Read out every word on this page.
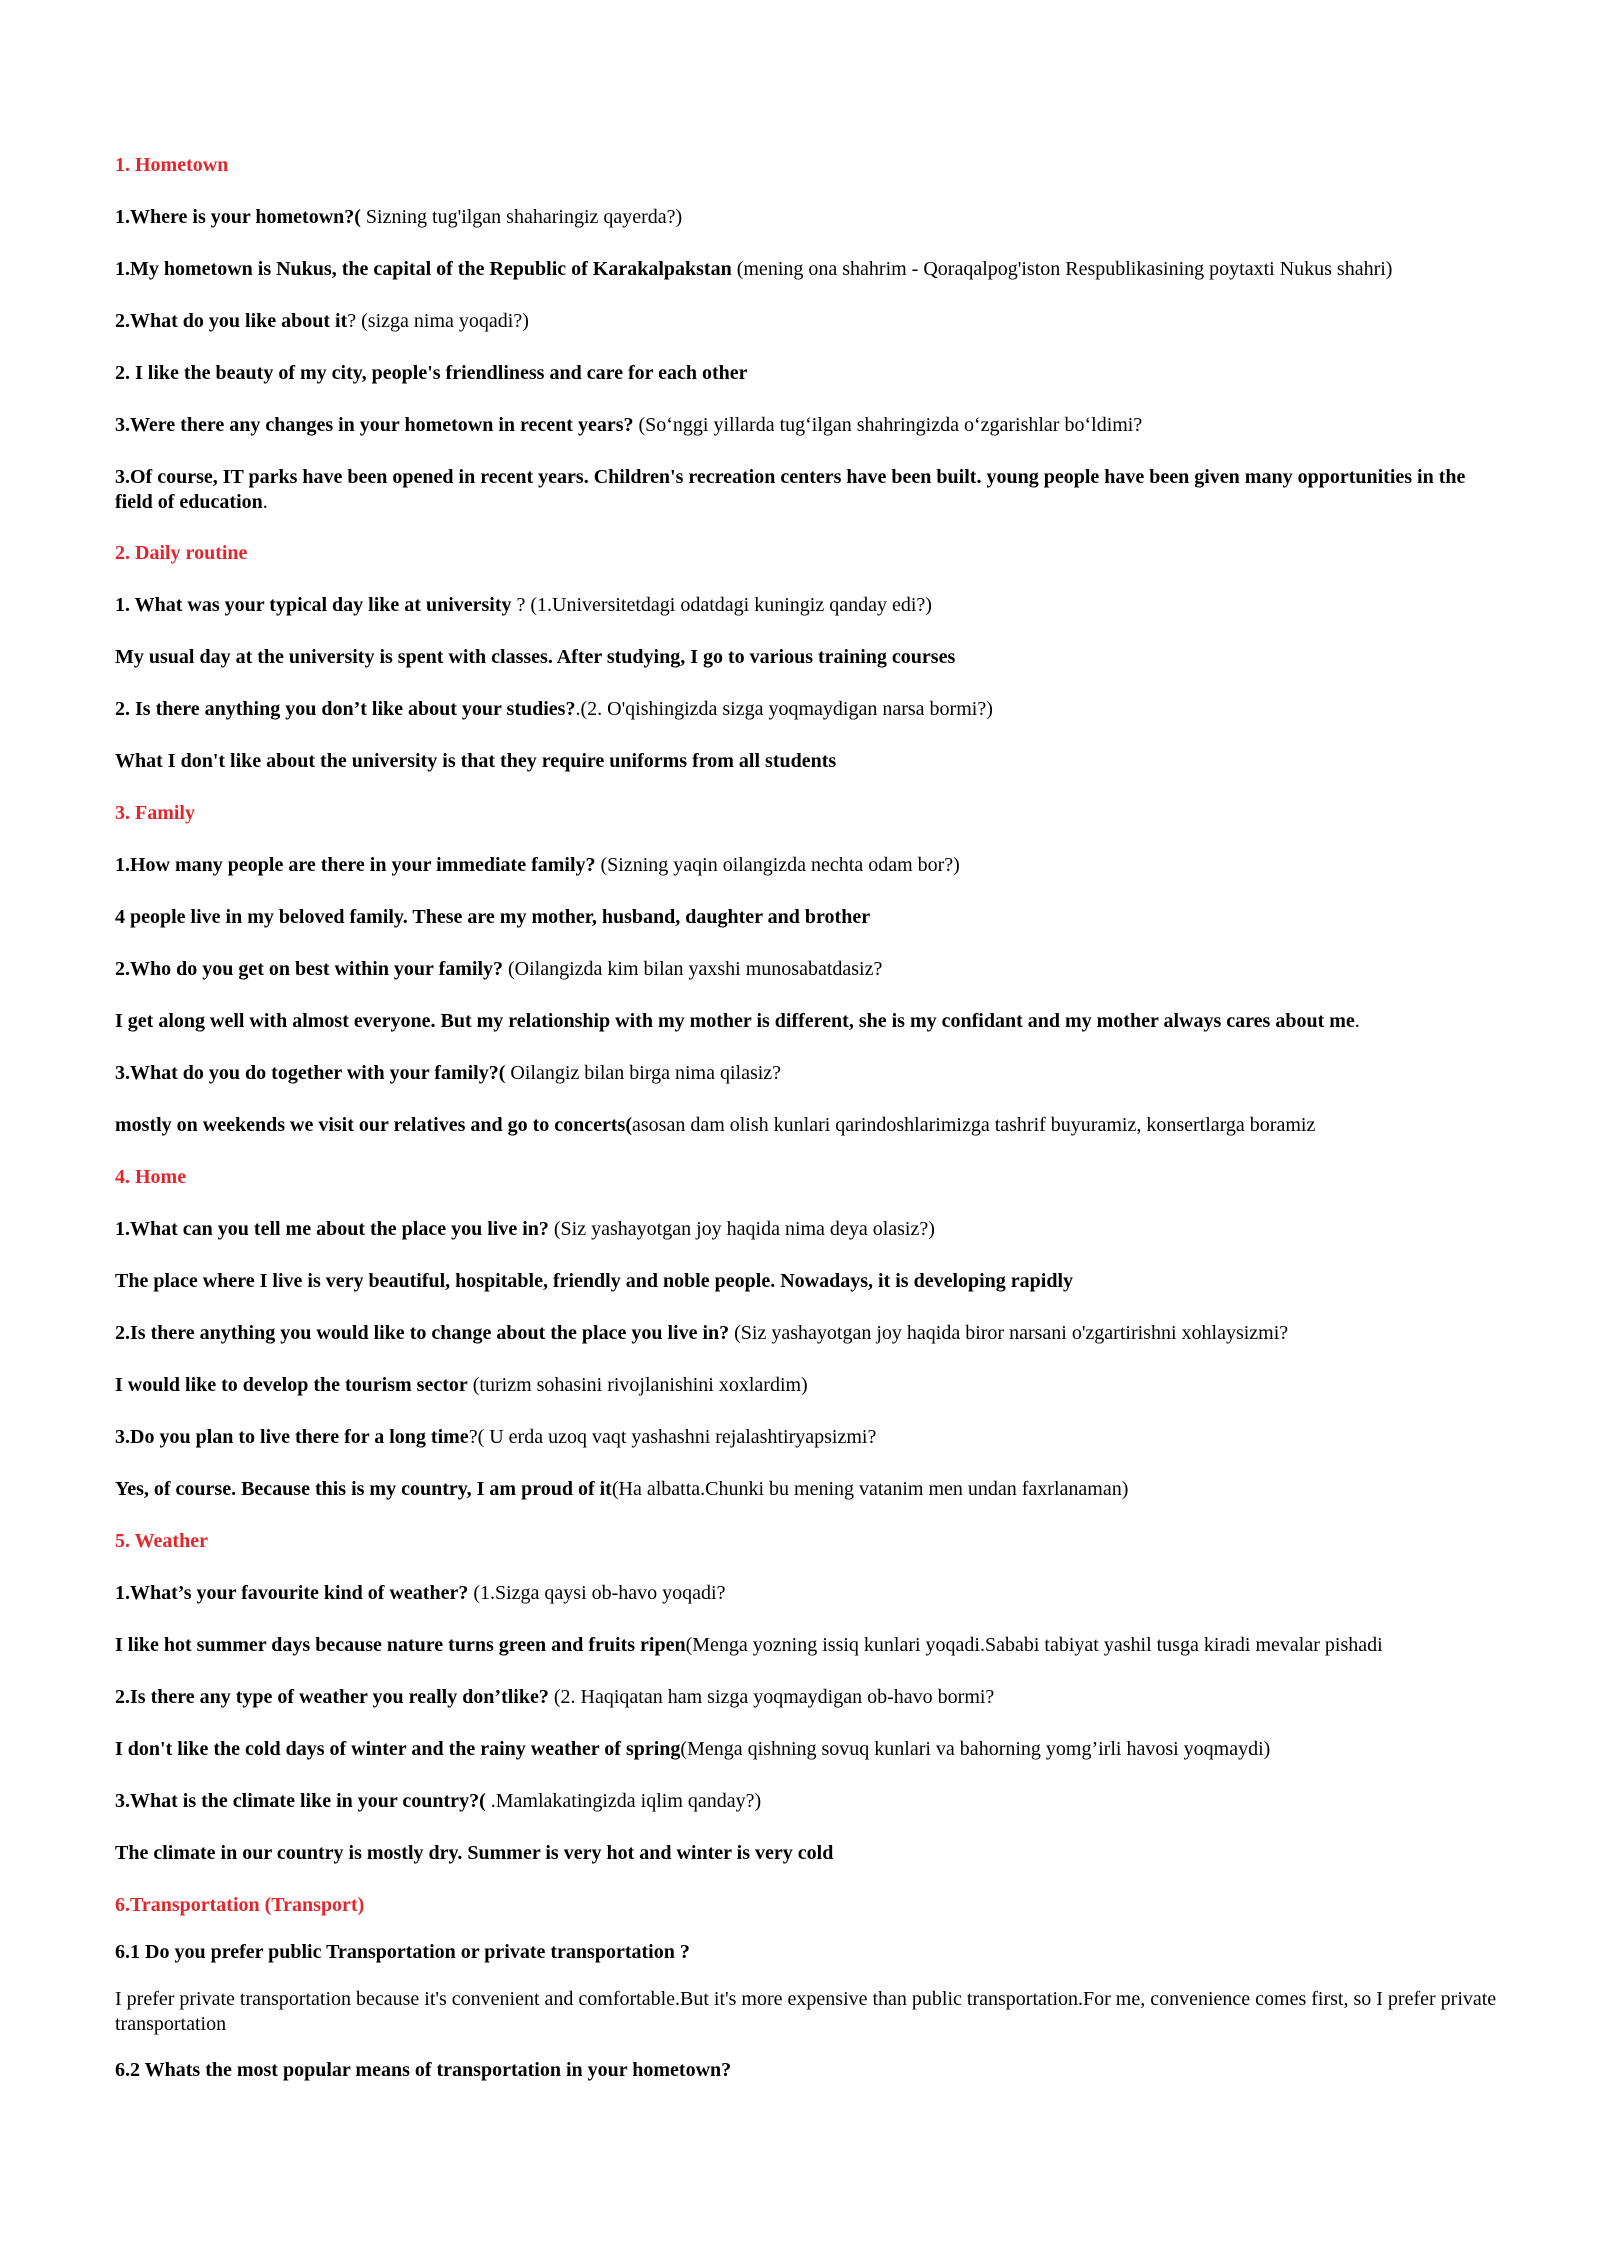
1. Hometown
1.Where is your hometown?( Sizning tug'ilgan shaharingiz qayerda?)
1.My hometown is Nukus, the capital of the Republic of Karakalpakstan (mening ona shahrim - Qoraqalpog'iston Respublikasining poytaxti Nukus shahri)
2.What do you like about it? (sizga nima yoqadi?)
2. I like the beauty of my city, people's friendliness and care for each other
3.Were there any changes in your hometown in recent years? (So‘nggi yillarda tug‘ilgan shahringizda o‘zgarishlar bo‘ldimi?
3.Of course, IT parks have been opened in recent years. Children's recreation centers have been built. young people have been given many opportunities in the field of education.
2. Daily routine
1. What was your typical day like at university ? (1.Universitetdagi odatdagi kuningiz qanday edi?)
My usual day at the university is spent with classes. After studying, I go to various training courses
2. Is there anything you don’t like about your studies?.(2. O'qishingizda sizga yoqmaydigan narsa bormi?)
What I don't like about the university is that they require uniforms from all students
3. Family
1.How many people are there in your immediate family? (Sizning yaqin oilangizda nechta odam bor?)
4 people live in my beloved family. These are my mother, husband, daughter and brother
2.Who do you get on best within your family? (Oilangizda kim bilan yaxshi munosabatdasiz?
I get along well with almost everyone. But my relationship with my mother is different, she is my confidant and my mother always cares about me.
3.What do you do together with your family?( Oilangiz bilan birga nima qilasiz?
mostly on weekends we visit our relatives and go to concerts(asosan dam olish kunlari qarindoshlarimizga tashrif buyuramiz, konsertlarga boramiz
4. Home
1.What can you tell me about the place you live in? (Siz yashayotgan joy haqida nima deya olasiz?)
The place where I live is very beautiful, hospitable, friendly and noble people. Nowadays, it is developing rapidly
2.Is there anything you would like to change about the place you live in? (Siz yashayotgan joy haqida biror narsani o'zgartirishni xohlaysizmi?
I would like to develop the tourism sector (turizm sohasini rivojlanishini xoxlardim)
3.Do you plan to live there for a long time?( U erda uzoq vaqt yashashni rejalashtiryapsizmi?
Yes, of course. Because this is my country, I am proud of it(Ha albatta.Chunki bu mening vatanim men undan faxrlanaman)
5. Weather
1.What’s your favourite kind of weather? (1.Sizga qaysi ob-havo yoqadi?
I like hot summer days because nature turns green and fruits ripen(Menga yozning issiq kunlari yoqadi.Sababi tabiyat yashil tusga kiradi mevalar pishadi
2.Is there any type of weather you really don’tlike? (2. Haqiqatan ham sizga yoqmaydigan ob-havo bormi?
I don't like the cold days of winter and the rainy weather of spring(Menga qishning sovuq kunlari va bahorning yomg’irli havosi yoqmaydi)
3.What is the climate like in your country?( .Mamlakatingizda iqlim qanday?)
The climate in our country is mostly dry. Summer is very hot and winter is very cold
6.Transportation (Transport)
6.1 Do you prefer public Transportation or private transportation ?
I prefer private transportation because it's convenient and comfortable.But it's more expensive than public transportation.For me, convenience comes first, so I prefer private transportation
6.2 Whats the most popular means of transportation in your hometown?
